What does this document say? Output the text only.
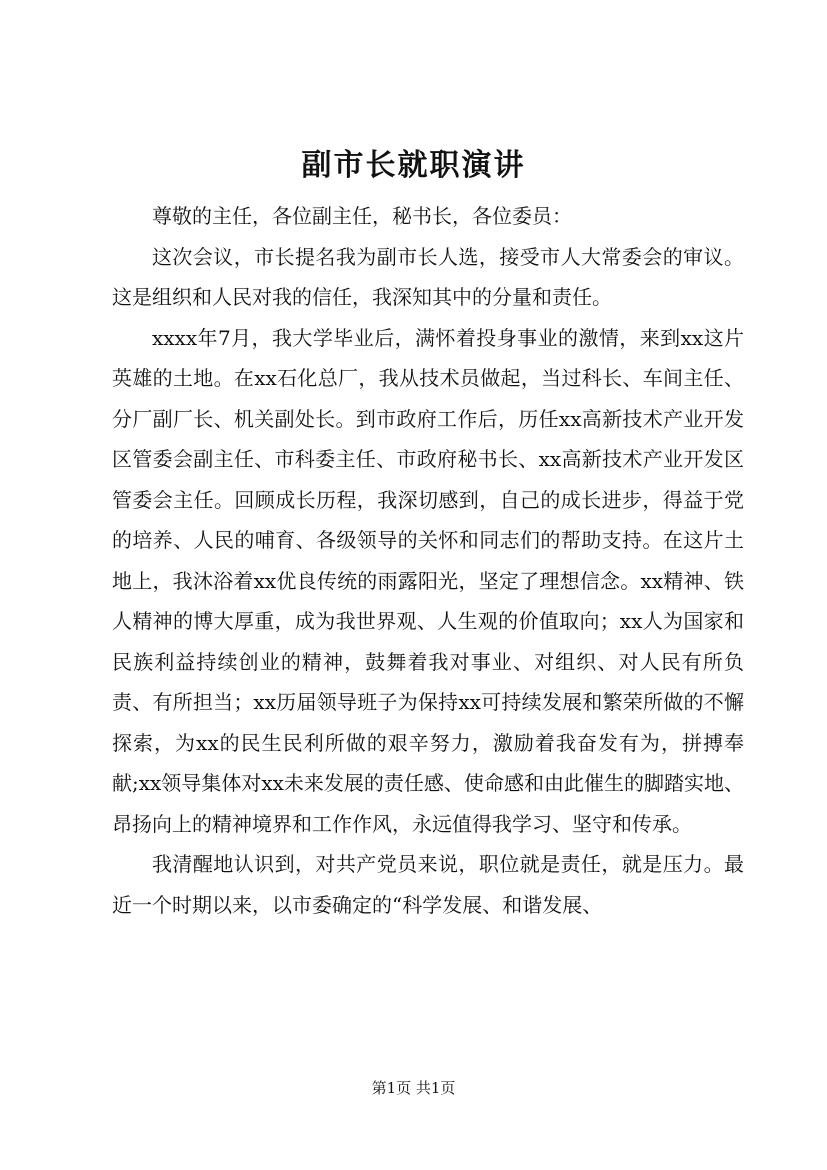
副市长就职演讲

尊敬的主任，各位副主任，秘书长，各位委员：

这次会议，市长提名我为副市长人选，接受市人大常委会的审议。这是组织和人民对我的信任，我深知其中的分量和责任。

xxxx年7月，我大学毕业后，满怀着投身事业的激情，来到xx这片英雄的土地。在xx石化总厂，我从技术员做起，当过科长、车间主任、分厂副厂长、机关副处长。到市政府工作后，历任xx高新技术产业开发区管委会副主任、市科委主任、市政府秘书长、xx高新技术产业开发区管委会主任。回顾成长历程，我深切感到，自己的成长进步，得益于党的培养、人民的哺育、各级领导的关怀和同志们的帮助支持。在这片土地上，我沐浴着xx优良传统的雨露阳光，坚定了理想信念。xx精神、铁人精神的博大厚重，成为我世界观、人生观的价值取向；xx人为国家和民族利益持续创业的精神，鼓舞着我对事业、对组织、对人民有所负责、有所担当；xx历届领导班子为保持xx可持续发展和繁荣所做的不懈探索，为xx的民生民利所做的艰辛努力，激励着我奋发有为，拼搏奉献;xx领导集体对xx未来发展的责任感、使命感和由此催生的脚踏实地、昂扬向上的精神境界和工作作风，永远值得我学习、坚守和传承。

我清醒地认识到，对共产党员来说，职位就是责任，就是压力。最近一个时期以来，以市委确定的“科学发展、和谐发展、

第1页 共1页
